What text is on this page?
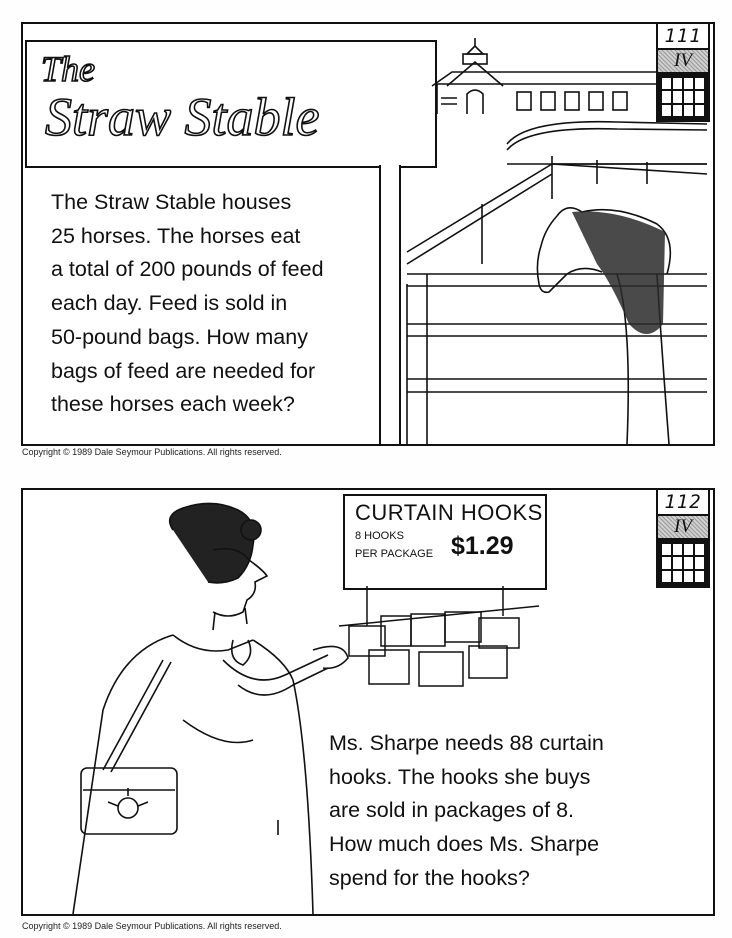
The
Straw Stable
The Straw Stable houses
25 horses. The horses eat
a total of 200 pounds of feed
each day. Feed is sold in
50-pound bags. How many
bags of feed are needed for
these horses each week?
111
IV
Copyright © 1989 Dale Seymour Publications. All rights reserved.
CURTAIN HOOKS
8 HOOKS
PER PACKAGE $1.29
Ms. Sharpe needs 88 curtain
hooks. The hooks she buys
are sold in packages of 8.
How much does Ms. Sharpe
spend for the hooks?
112
IV
Copyright © 1989 Dale Seymour Publications. All rights reserved.
